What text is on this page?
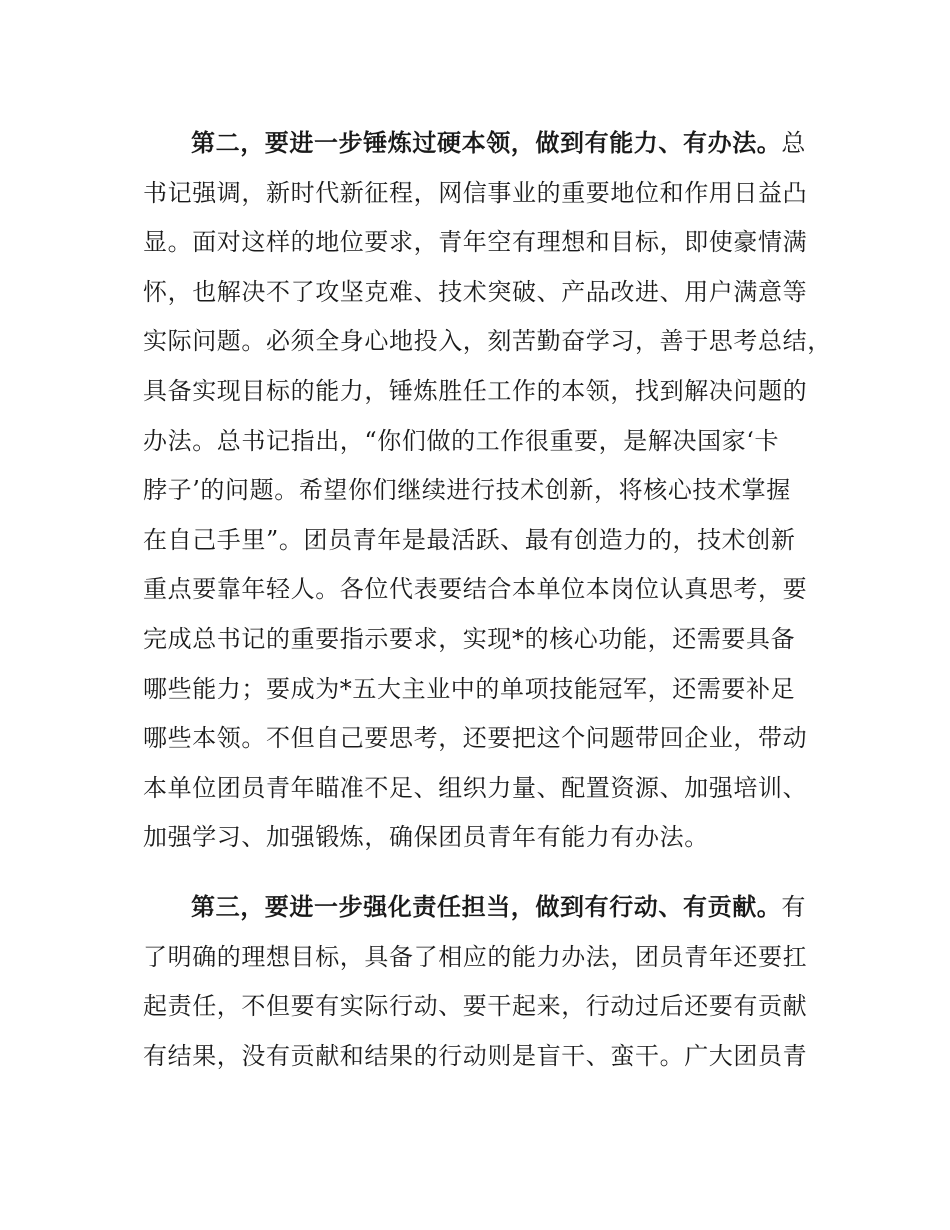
第二，要进一步锤炼过硬本领，做到有能力、有办法。总
书记强调，新时代新征程，网信事业的重要地位和作用日益凸
显。面对这样的地位要求，青年空有理想和目标，即使豪情满
怀，也解决不了攻坚克难、技术突破、产品改进、用户满意等
实际问题。必须全身心地投入，刻苦勤奋学习，善于思考总结，
具备实现目标的能力，锤炼胜任工作的本领，找到解决问题的
办法。总书记指出，“你们做的工作很重要，是解决国家‘卡
脖子’的问题。希望你们继续进行技术创新，将核心技术掌握
在自己手里”。团员青年是最活跃、最有创造力的，技术创新
重点要靠年轻人。各位代表要结合本单位本岗位认真思考，要
完成总书记的重要指示要求，实现*的核心功能，还需要具备
哪些能力；要成为*五大主业中的单项技能冠军，还需要补足
哪些本领。不但自己要思考，还要把这个问题带回企业，带动
本单位团员青年瞄准不足、组织力量、配置资源、加强培训、
加强学习、加强锻炼，确保团员青年有能力有办法。
第三，要进一步强化责任担当，做到有行动、有贡献。有
了明确的理想目标，具备了相应的能力办法，团员青年还要扛
起责任，不但要有实际行动、要干起来，行动过后还要有贡献
有结果，没有贡献和结果的行动则是盲干、蛮干。广大团员青
